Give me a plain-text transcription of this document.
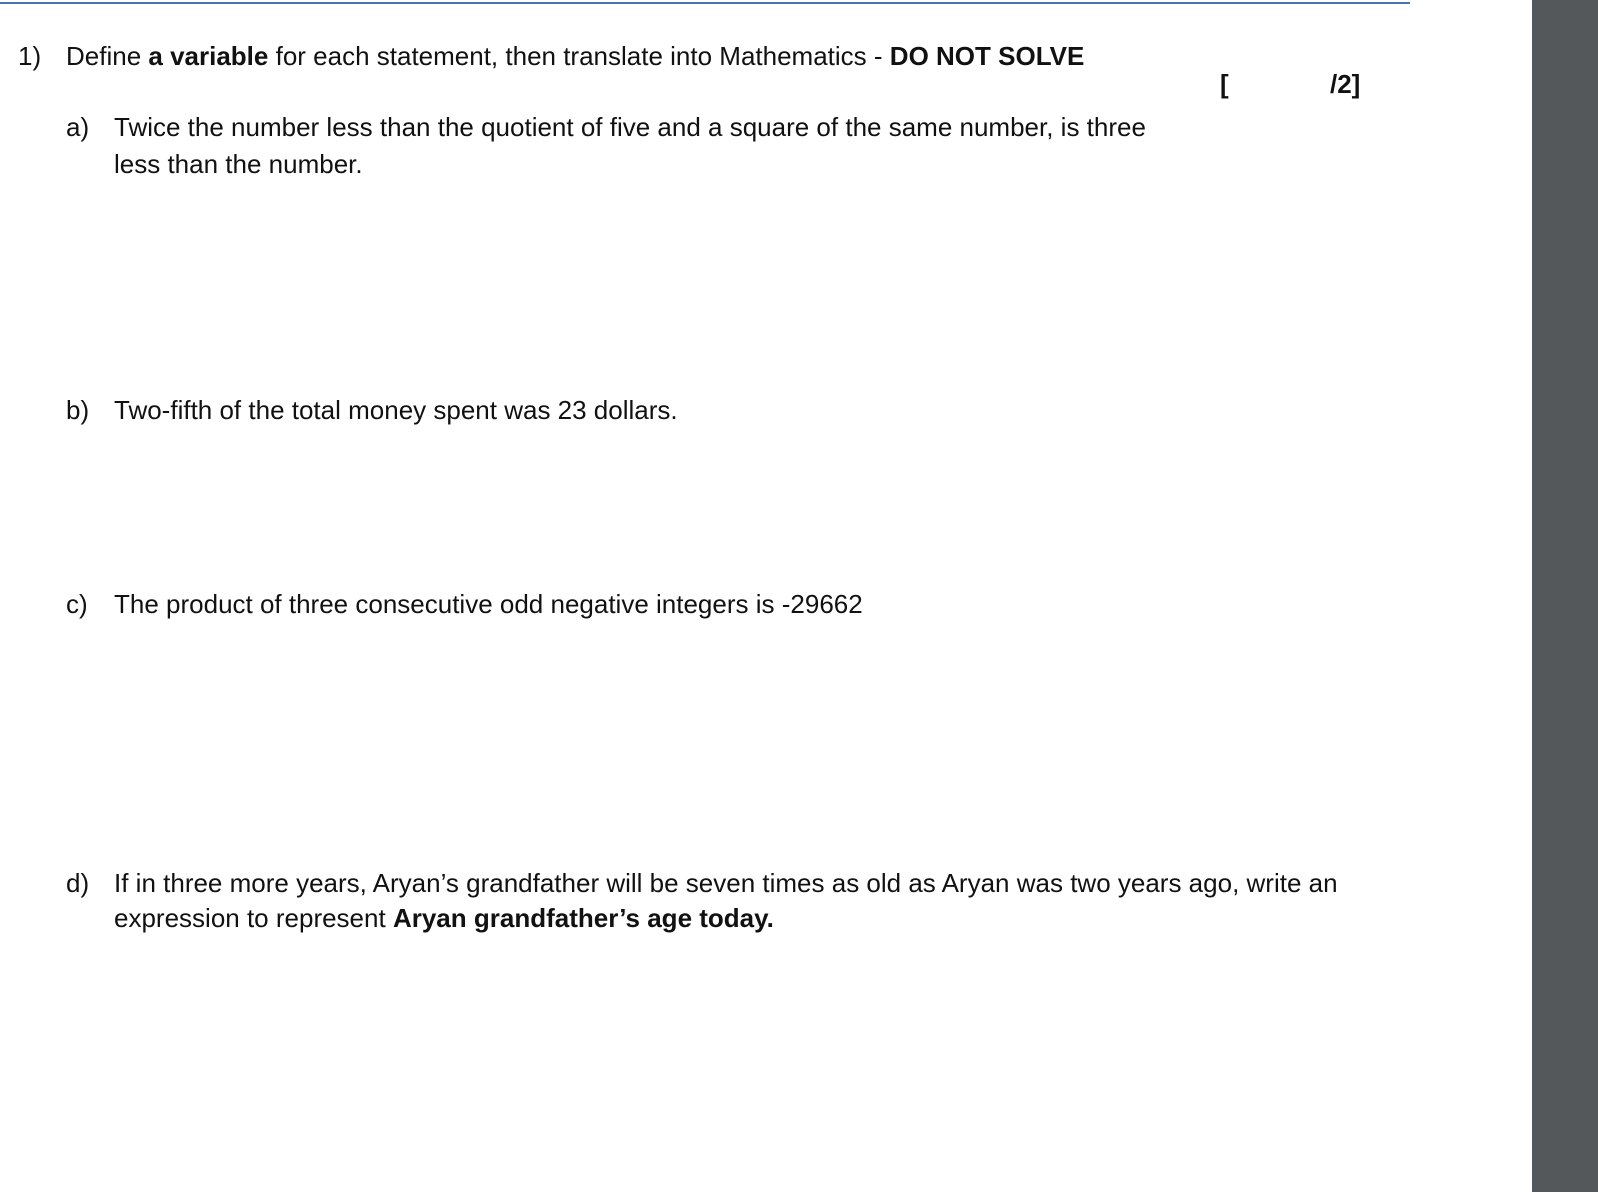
1) Define a variable for each statement, then translate into Mathematics - DO NOT SOLVE
[	/2]
a) Twice the number less than the quotient of five and a square of the same number, is three
less than the number.
b) Two-fifth of the total money spent was 23 dollars.
c) The product of three consecutive odd negative integers is -29662
d) If in three more years, Aryan’s grandfather will be seven times as old as Aryan was two years ago, write an
expression to represent Aryan grandfather’s age today.
